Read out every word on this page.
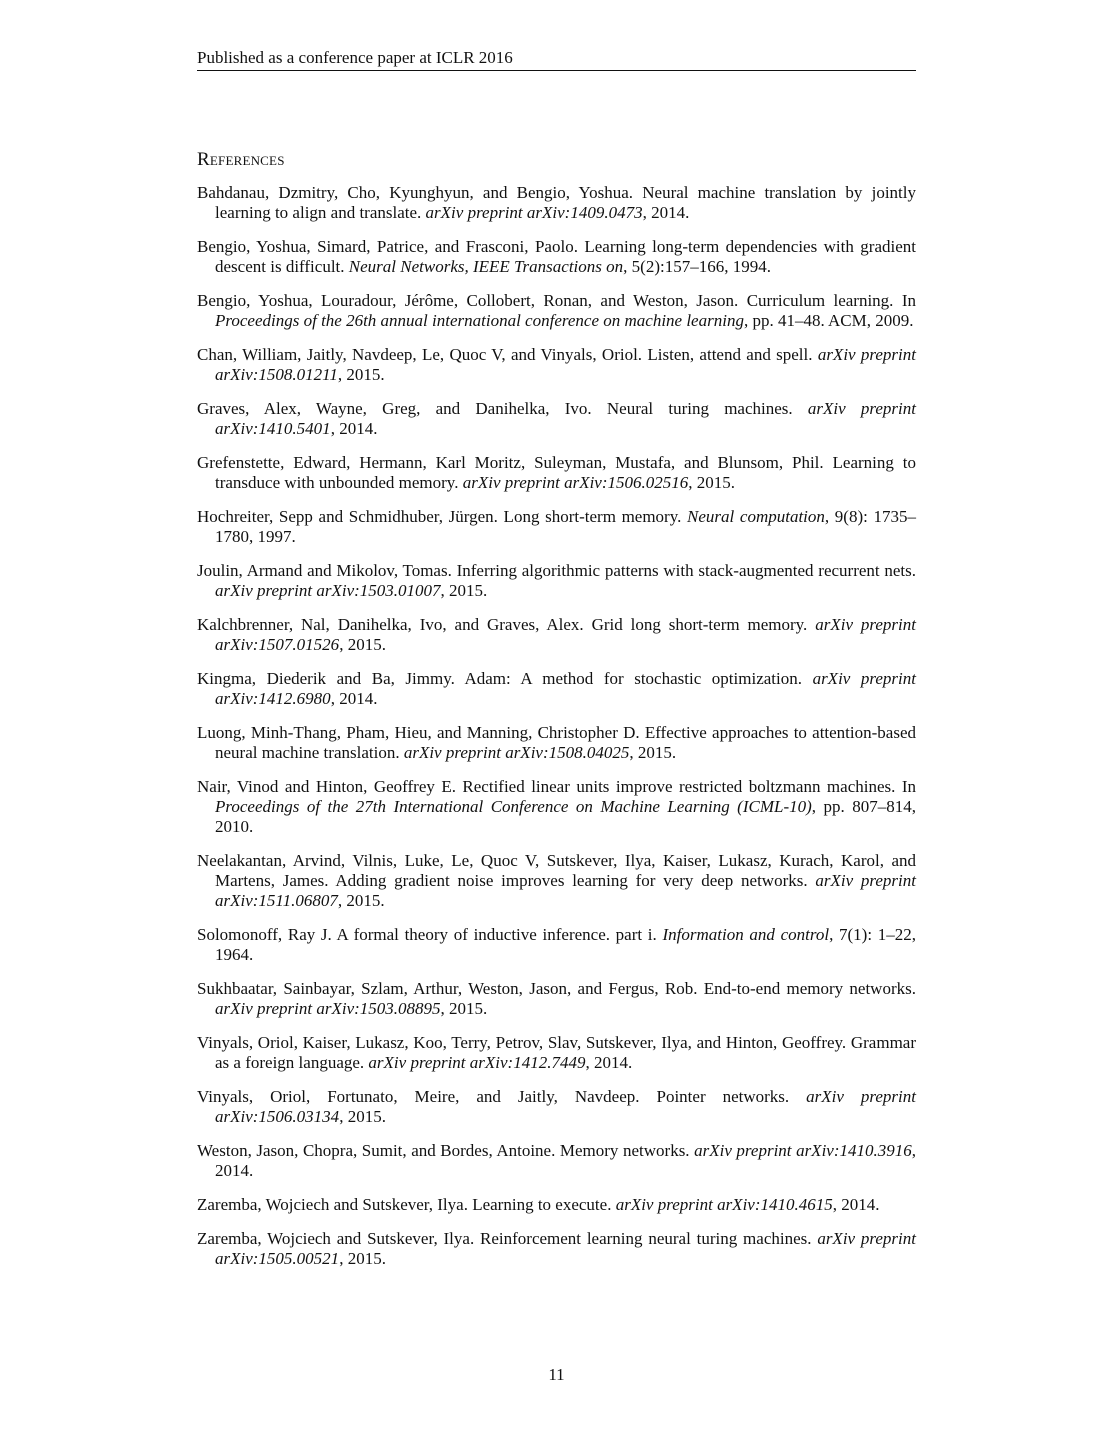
Published as a conference paper at ICLR 2016
References
Bahdanau, Dzmitry, Cho, Kyunghyun, and Bengio, Yoshua. Neural machine translation by jointly learning to align and translate. arXiv preprint arXiv:1409.0473, 2014.
Bengio, Yoshua, Simard, Patrice, and Frasconi, Paolo. Learning long-term dependencies with gradient descent is difficult. Neural Networks, IEEE Transactions on, 5(2):157–166, 1994.
Bengio, Yoshua, Louradour, Jérôme, Collobert, Ronan, and Weston, Jason. Curriculum learning. In Proceedings of the 26th annual international conference on machine learning, pp. 41–48. ACM, 2009.
Chan, William, Jaitly, Navdeep, Le, Quoc V, and Vinyals, Oriol. Listen, attend and spell. arXiv preprint arXiv:1508.01211, 2015.
Graves, Alex, Wayne, Greg, and Danihelka, Ivo. Neural turing machines. arXiv preprint arXiv:1410.5401, 2014.
Grefenstette, Edward, Hermann, Karl Moritz, Suleyman, Mustafa, and Blunsom, Phil. Learning to transduce with unbounded memory. arXiv preprint arXiv:1506.02516, 2015.
Hochreiter, Sepp and Schmidhuber, Jürgen. Long short-term memory. Neural computation, 9(8): 1735–1780, 1997.
Joulin, Armand and Mikolov, Tomas. Inferring algorithmic patterns with stack-augmented recurrent nets. arXiv preprint arXiv:1503.01007, 2015.
Kalchbrenner, Nal, Danihelka, Ivo, and Graves, Alex. Grid long short-term memory. arXiv preprint arXiv:1507.01526, 2015.
Kingma, Diederik and Ba, Jimmy. Adam: A method for stochastic optimization. arXiv preprint arXiv:1412.6980, 2014.
Luong, Minh-Thang, Pham, Hieu, and Manning, Christopher D. Effective approaches to attention-based neural machine translation. arXiv preprint arXiv:1508.04025, 2015.
Nair, Vinod and Hinton, Geoffrey E. Rectified linear units improve restricted boltzmann machines. In Proceedings of the 27th International Conference on Machine Learning (ICML-10), pp. 807–814, 2010.
Neelakantan, Arvind, Vilnis, Luke, Le, Quoc V, Sutskever, Ilya, Kaiser, Lukasz, Kurach, Karol, and Martens, James. Adding gradient noise improves learning for very deep networks. arXiv preprint arXiv:1511.06807, 2015.
Solomonoff, Ray J. A formal theory of inductive inference. part i. Information and control, 7(1): 1–22, 1964.
Sukhbaatar, Sainbayar, Szlam, Arthur, Weston, Jason, and Fergus, Rob. End-to-end memory networks. arXiv preprint arXiv:1503.08895, 2015.
Vinyals, Oriol, Kaiser, Lukasz, Koo, Terry, Petrov, Slav, Sutskever, Ilya, and Hinton, Geoffrey. Grammar as a foreign language. arXiv preprint arXiv:1412.7449, 2014.
Vinyals, Oriol, Fortunato, Meire, and Jaitly, Navdeep. Pointer networks. arXiv preprint arXiv:1506.03134, 2015.
Weston, Jason, Chopra, Sumit, and Bordes, Antoine. Memory networks. arXiv preprint arXiv:1410.3916, 2014.
Zaremba, Wojciech and Sutskever, Ilya. Learning to execute. arXiv preprint arXiv:1410.4615, 2014.
Zaremba, Wojciech and Sutskever, Ilya. Reinforcement learning neural turing machines. arXiv preprint arXiv:1505.00521, 2015.
11
